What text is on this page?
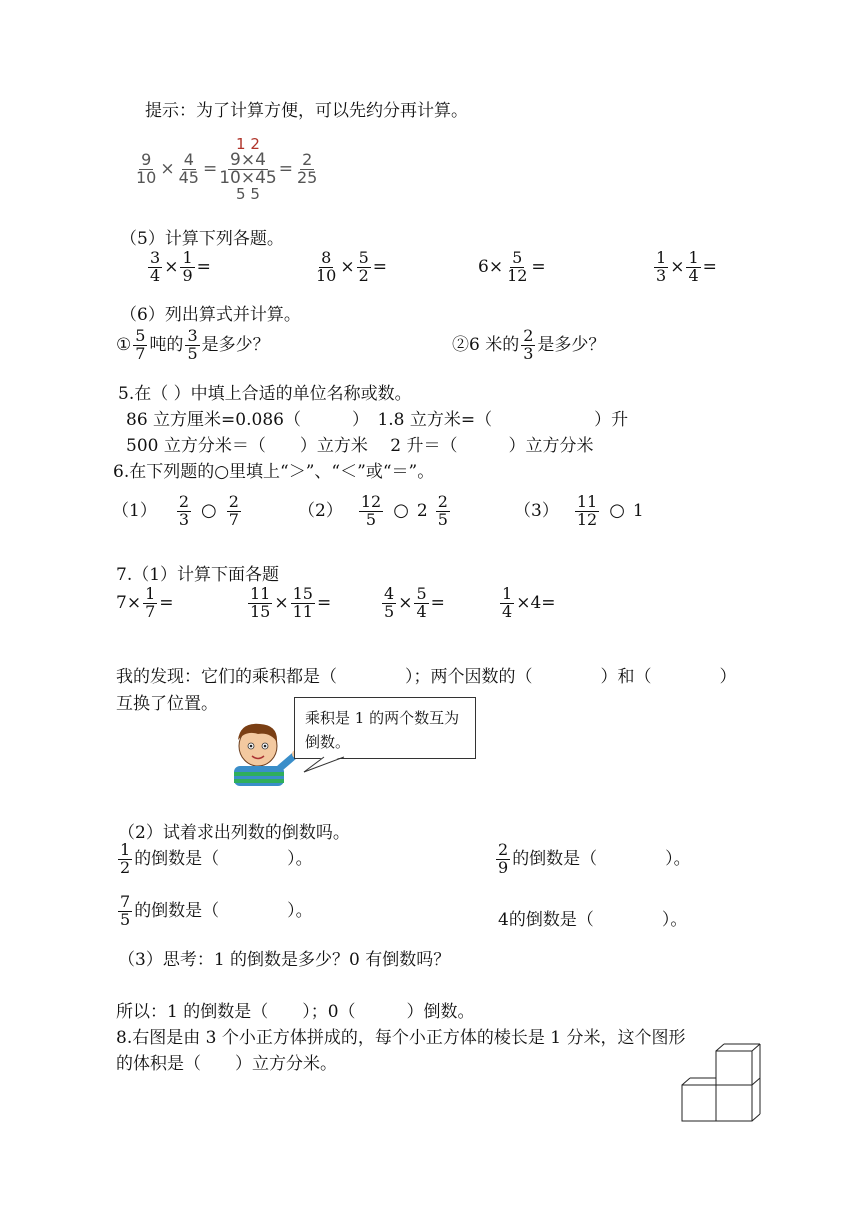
提示：为了计算方便，可以先约分再计算。
$\frac{9}{10} \times \frac{4}{45}$ =
1 2
9×4
10×45
5 5
= $\frac{2}{25}$
（5）计算下列各题。
$\frac{3}{4} \times \frac{1}{9}$ =	$\frac{8}{10} \times \frac{5}{2}$ =	$6\times \frac{5}{12}$ =	$\frac{1}{3} \times \frac{1}{4}$ =
（6）列出算式并计算。
① $\frac{5}{7}$ 吨的 $\frac{3}{5}$ 是多少？	②6 米的 $\frac{2}{3}$ 是多少？
5.在（ ）中填上合适的单位名称或数。
86 立方厘米=0.086（　　　）　1.8 立方米=（　　　　　　）升
500 立方分米＝（　　）立方米　 2 升＝（　　　）立方分米
6.在下列题的○里填上“＞”、“＜”或“＝”。
$(1) \frac{2}{3}$ ○ $\frac{2}{7}$	$(2) \frac{12}{5}$ ○ $2 \frac{2}{5}$	$(3) \frac{11}{12}$ ○ 1
7.（1）计算下面各题
$7\times \frac{1}{7}$ =	$\frac{11}{15} \times \frac{15}{11}$ =	$\frac{4}{5} \times \frac{5}{4}$ =	$\frac{1}{4} \times 4=$
我的发现：它们的乘积都是（　　　　）；两个因数的（　　　　）和（　　　　）
互换了位置。
乘积是 1 的两个数互为倒数。
（2）试着求出列数的倒数吗。
$\frac{1}{2}$ 的倒数是（　　　　）。	$\frac{2}{9}$ 的倒数是（　　　　）。
$\frac{7}{5}$ 的倒数是（　　　　）。	4的倒数是（　　　　）。
（3）思考：1 的倒数是多少？0 有倒数吗？
所以：1 的倒数是（　　）；0（　　　）倒数。
8.右图是由 3 个小正方体拼成的，每个小正方体的棱长是 1 分米，这个图形
的体积是（　　）立方分米。
